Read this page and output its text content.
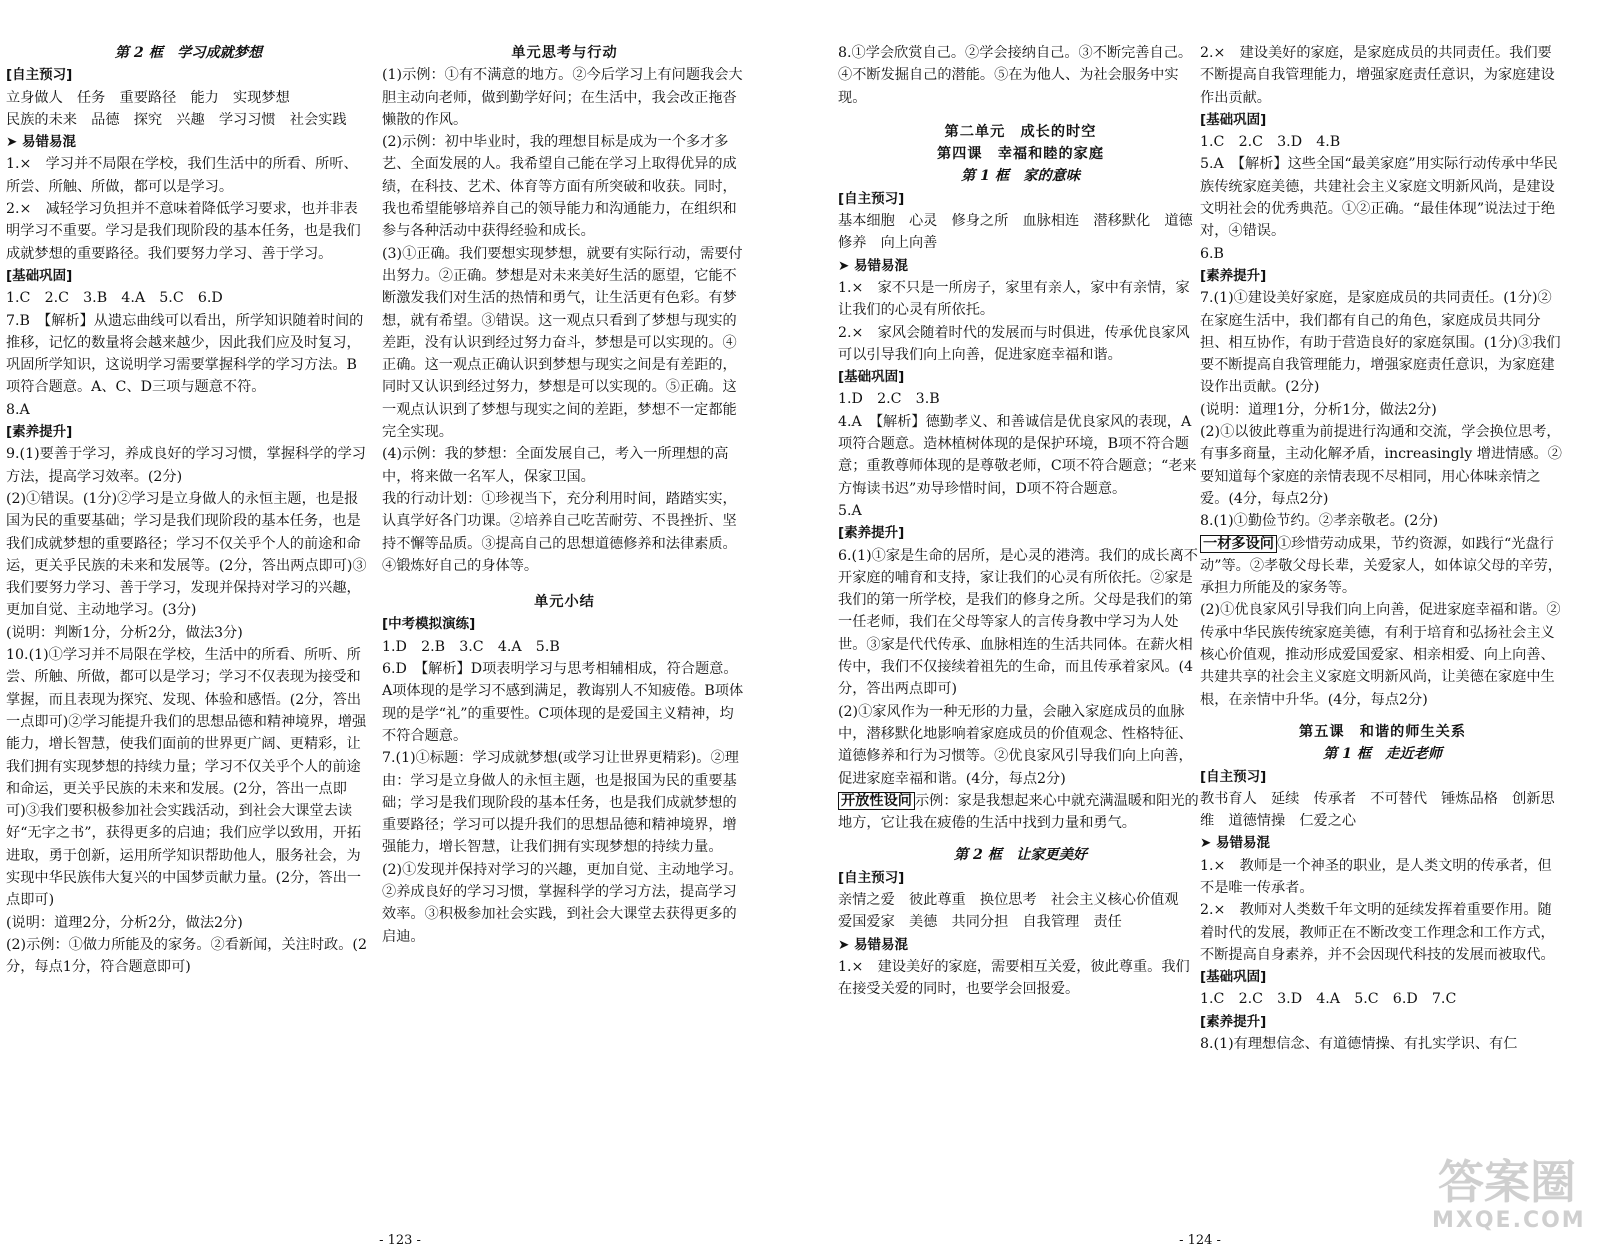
第 2 框　学习成就梦想

[自主预习]

立身做人　任务　重要路径　能力　实现梦想

民族的未来　品德　探究　兴趣　学习习惯　社会实践

➤ 易错易混

1.×　学习并不局限在学校，我们生活中的所看、所听、所尝、所触、所做，都可以是学习。

2.×　减轻学习负担并不意味着降低学习要求，也并非表明学习不重要。学习是我们现阶段的基本任务，也是我们成就梦想的重要路径。我们要努力学习、善于学习。

[基础巩固]

1.C　2.C　3.B　4.A　5.C　6.D

7.B　【解析】从遗忘曲线可以看出，所学知识随着时间的推移，记忆的数量将会越来越少，因此我们应及时复习，巩固所学知识，这说明学习需要掌握科学的学习方法。B项符合题意。A、C、D三项与题意不符。

8.A

[素养提升]

9.(1)要善于学习，养成良好的学习习惯，掌握科学的学习方法，提高学习效率。(2分)

(2)①错误。(1分)②学习是立身做人的永恒主题，也是报国为民的重要基础；学习是我们现阶段的基本任务，也是我们成就梦想的重要路径；学习不仅关乎个人的前途和命运，更关乎民族的未来和发展等。(2分，答出两点即可)③我们要努力学习、善于学习，发现并保持对学习的兴趣，更加自觉、主动地学习。(3分)

(说明：判断1分，分析2分，做法3分)

10.(1)①学习并不局限在学校，生活中的所看、所听、所尝、所触、所做，都可以是学习；学习不仅表现为接受和掌握，而且表现为探究、发现、体验和感悟。(2分，答出一点即可)②学习能提升我们的思想品德和精神境界，增强能力，增长智慧，使我们面前的世界更广阔、更精彩，让我们拥有实现梦想的持续力量；学习不仅关乎个人的前途和命运，更关乎民族的未来和发展。(2分，答出一点即可)③我们要积极参加社会实践活动，到社会大课堂去读好“无字之书”，获得更多的启迪；我们应学以致用，开拓进取，勇于创新，运用所学知识帮助他人，服务社会，为实现中华民族伟大复兴的中国梦贡献力量。(2分，答出一点即可)

(说明：道理2分，分析2分，做法2分)

(2)示例：①做力所能及的家务。②看新闻，关注时政。(2分，每点1分，符合题意即可)

单元思考与行动

(1)示例：①有不满意的地方。②今后学习上有问题我会大胆主动向老师，做到勤学好问；在生活中，我会改正拖沓懒散的作风。

(2)示例：初中毕业时，我的理想目标是成为一个多才多艺、全面发展的人。我希望自己能在学习上取得优异的成绩，在科技、艺术、体育等方面有所突破和收获。同时，我也希望能够培养自己的领导能力和沟通能力，在组织和参与各种活动中获得经验和成长。

(3)①正确。我们要想实现梦想，就要有实际行动，需要付出努力。②正确。梦想是对未来美好生活的愿望，它能不断激发我们对生活的热情和勇气，让生活更有色彩。有梦想，就有希望。③错误。这一观点只看到了梦想与现实的差距，没有认识到经过努力奋斗，梦想是可以实现的。④正确。这一观点正确认识到梦想与现实之间是有差距的，同时又认识到经过努力，梦想是可以实现的。⑤正确。这一观点认识到了梦想与现实之间的差距，梦想不一定都能完全实现。

(4)示例：我的梦想：全面发展自己，考入一所理想的高中，将来做一名军人，保家卫国。

我的行动计划：①珍视当下，充分利用时间，踏踏实实，认真学好各门功课。②培养自己吃苦耐劳、不畏挫折、坚持不懈等品质。③提高自己的思想道德修养和法律素质。④锻炼好自己的身体等。

单元小结

[中考模拟演练]

1.D　2.B　3.C　4.A　5.B

6.D　【解析】D项表明学习与思考相辅相成，符合题意。A项体现的是学习不感到满足，教诲别人不知疲倦。B项体现的是学“礼”的重要性。C项体现的是爱国主义精神，均不符合题意。

7.(1)①标题：学习成就梦想(或学习让世界更精彩)。②理由：学习是立身做人的永恒主题，也是报国为民的重要基础；学习是我们现阶段的基本任务，也是我们成就梦想的重要路径；学习可以提升我们的思想品德和精神境界，增强能力，增长智慧，让我们拥有实现梦想的持续力量。

(2)①发现并保持对学习的兴趣，更加自觉、主动地学习。②养成良好的学习习惯，掌握科学的学习方法，提高学习效率。③积极参加社会实践，到社会大课堂去获得更多的启迪。

- 123 -

8.①学会欣赏自己。②学会接纳自己。③不断完善自己。④不断发掘自己的潜能。⑤在为他人、为社会服务中实现。

第二单元　成长的时空

第四课　幸福和睦的家庭

第 1 框　家的意味

[自主预习]

基本细胞　心灵　修身之所　血脉相连　潜移默化　道德修养　向上向善

➤ 易错易混

1.×　家不只是一所房子，家里有亲人，家中有亲情，家让我们的心灵有所依托。

2.×　家风会随着时代的发展而与时俱进，传承优良家风可以引导我们向上向善，促进家庭幸福和谐。

[基础巩固]

1.D　2.C　3.B

4.A　【解析】德勤孝义、和善诚信是优良家风的表现，A项符合题意。造林植树体现的是保护环境，B项不符合题意；重教尊师体现的是尊敬老师，C项不符合题意；“老来方悔读书迟”劝导珍惜时间，D项不符合题意。

5.A

[素养提升]

6.(1)①家是生命的居所，是心灵的港湾。我们的成长离不开家庭的哺育和支持，家让我们的心灵有所依托。②家是我们的第一所学校，是我们的修身之所。父母是我们的第一任老师，我们在父母等家人的言传身教中学习为人处世。③家是代代传承、血脉相连的生活共同体。在薪火相传中，我们不仅接续着祖先的生命，而且传承着家风。(4分，答出两点即可)

(2)①家风作为一种无形的力量，会融入家庭成员的血脉中，潜移默化地影响着家庭成员的价值观念、性格特征、道德修养和行为习惯等。②优良家风引导我们向上向善，促进家庭幸福和谐。(4分，每点2分)

开放性设问 示例：家是我想起来心中就充满温暖和阳光的地方，它让我在疲倦的生活中找到力量和勇气。

第 2 框　让家更美好

[自主预习]

亲情之爱　彼此尊重　换位思考　社会主义核心价值观　爱国爱家　美德　共同分担　自我管理　责任

➤ 易错易混

1.×　建设美好的家庭，需要相互关爱，彼此尊重。我们在接受关爱的同时，也要学会回报爱。

2.×　建设美好的家庭，是家庭成员的共同责任。我们要不断提高自我管理能力，增强家庭责任意识，为家庭建设作出贡献。

[基础巩固]

1.C　2.C　3.D　4.B

5.A　【解析】这些全国“最美家庭”用实际行动传承中华民族传统家庭美德，共建社会主义家庭文明新风尚，是建设文明社会的优秀典范。①②正确。“最佳体现”说法过于绝对，④错误。

6.B

[素养提升]

7.(1)①建设美好家庭，是家庭成员的共同责任。(1分)②在家庭生活中，我们都有自己的角色，家庭成员共同分担、相互协作，有助于营造良好的家庭氛围。(1分)③我们要不断提高自我管理能力，增强家庭责任意识，为家庭建设作出贡献。(2分)

(说明：道理1分，分析1分，做法2分)

(2)①以彼此尊重为前提进行沟通和交流，学会换位思考，有事多商量，主动化解矛盾，increasingly 增进情感。②要知道每个家庭的亲情表现不尽相同，用心体味亲情之爱。(4分，每点2分)

8.(1)①勤俭节约。②孝亲敬老。(2分)

一材多设问 ①珍惜劳动成果，节约资源，如践行“光盘行动”等。②孝敬父母长辈，关爱家人，如体谅父母的辛劳，承担力所能及的家务等。

(2)①优良家风引导我们向上向善，促进家庭幸福和谐。②传承中华民族传统家庭美德，有利于培育和弘扬社会主义核心价值观，推动形成爱国爱家、相亲相爱、向上向善、共建共享的社会主义家庭文明新风尚，让美德在家庭中生根，在亲情中升华。(4分，每点2分)

第五课　和谐的师生关系

第 1 框　走近老师

[自主预习]

教书育人　延续　传承者　不可替代　锤炼品格　创新思维　道德情操　仁爱之心

➤ 易错易混

1.×　教师是一个神圣的职业，是人类文明的传承者，但不是唯一传承者。

2.×　教师对人类数千年文明的延续发挥着重要作用。随着时代的发展，教师正在不断改变工作理念和工作方式，不断提高自身素养，并不会因现代科技的发展而被取代。

[基础巩固]

1.C　2.C　3.D　4.A　5.C　6.D　7.C

[素养提升]

8.(1)有理想信念、有道德情操、有扎实学识、有仁

- 124 -
答案圈
MXQE.COM
